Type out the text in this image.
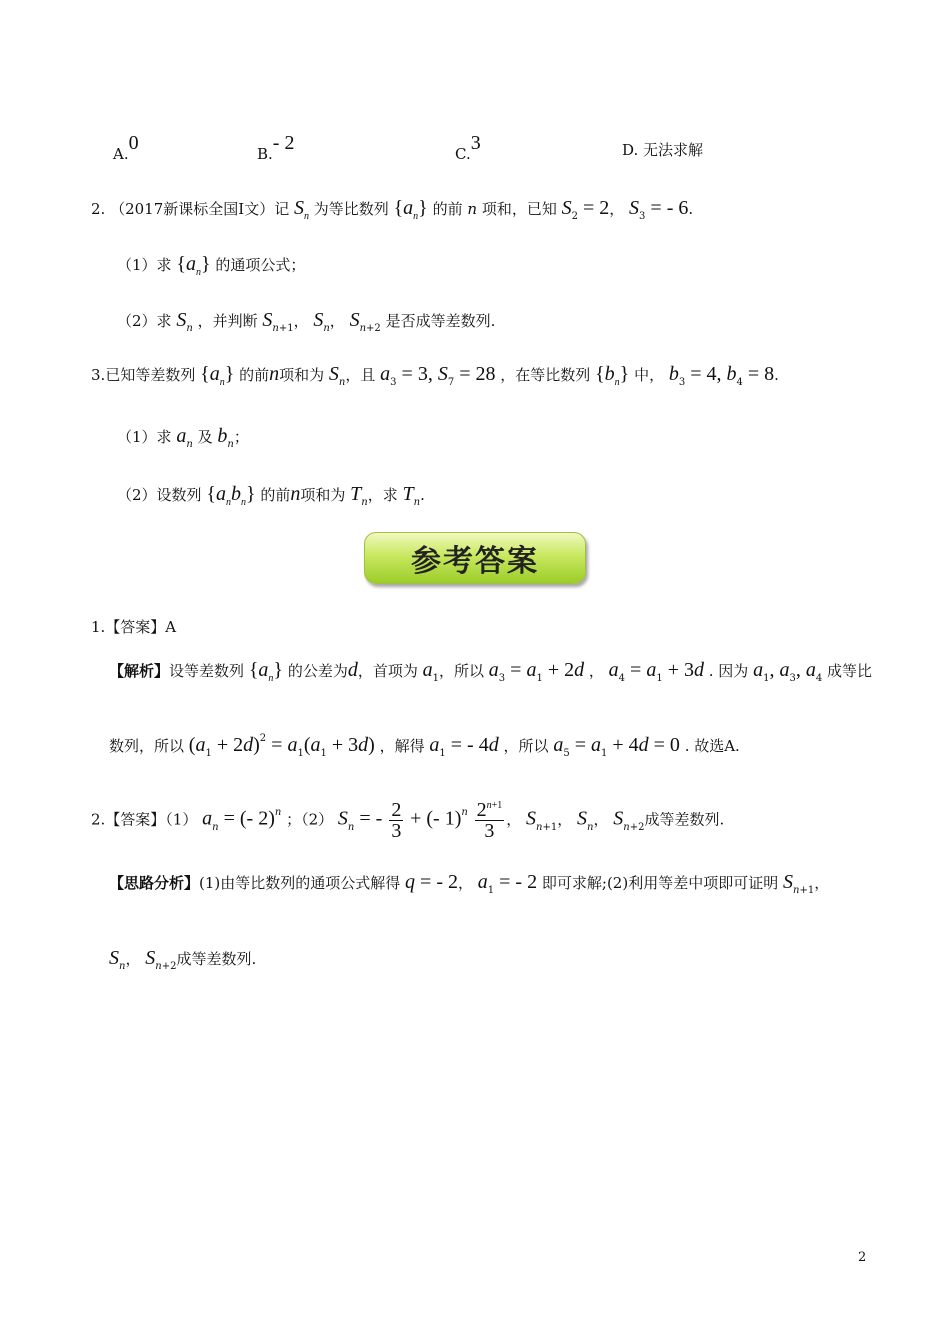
A.0	B.- 2	C.3	D. 无法求解
2. （2017新课标全国Ⅰ文）记 $S_n$ 为等比数列 $\{a_n\}$ 的前 n 项和，已知 $S_2 = 2$， $S_3$ = - 6.
（1）求 $\{a_n\}$ 的通项公式；
（2）求 $S_n$ ，并判断 $S_{n+1}$， $S_n$， $S_{n+2}$ 是否成等差数列.
3.已知等差数列 $\{a_n\}$ 的前n项和为 $S_n$，且 $a_3 = 3$, $S_7 = 28$ ，在等比数列 $\{b_n\}$ 中， $b_3 = 4$, $b_4 = 8$.
（1）求 $a_n$ 及 $b_n$；
（2）设数列 $\{a_nb_n\}$ 的前n项和为 $T_n$，求 $T_n$.
参考答案
1.【答案】A
【解析】设等差数列 $\{a_n\}$ 的公差为d，首项为 $a_1$，所以 $a_3 = a_1 + 2d$ ， $a_4 = a_1 + 3d$ . 因为 $a_1$, $a_3$, $a_4$ 成等比
数列，所以 $(a_1 + 2d)^2 = a_1(a_1 + 3d)$ ，解得 $a_1$ = - 4d ，所以 $a_5 = a_1 + 4d = 0$ . 故选A.
2.【答案】（1） $a_n$ = (- 2)$^n$ ；（2） $S_n$ = - $\frac{2}{3}$ + (- $1)^n \frac{2^{n+1}}{3}$ ， $S_{n+1}$， $S_n$， $S_{n+2}$成等差数列.
【思路分析】(1)由等比数列的通项公式解得 q = - 2， $a_1$ = - 2 即可求解;(2)利用等差中项即可证明 $S_{n+1}$，
$S_n$， $S_{n+2}$成等差数列.
2
